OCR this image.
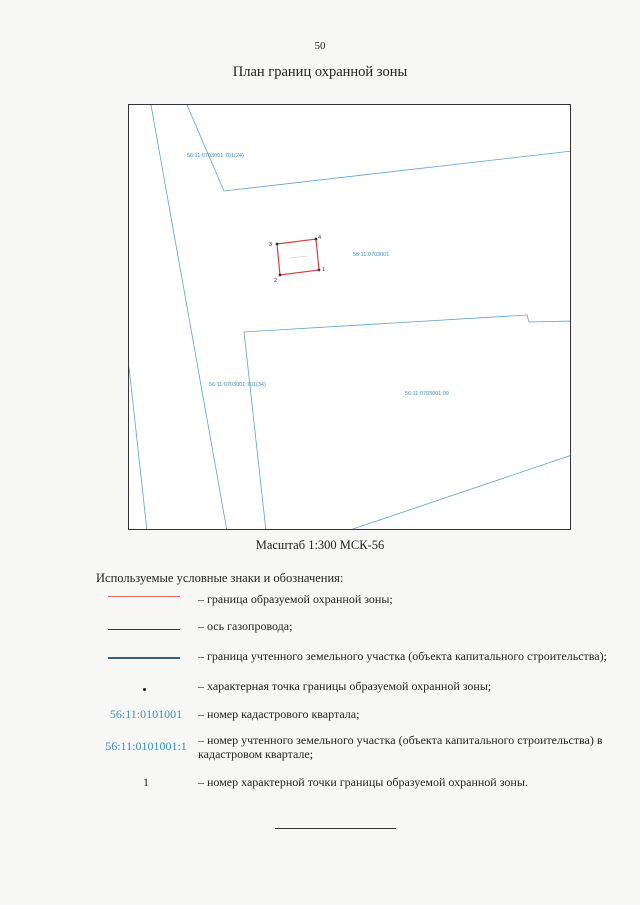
50
План границ охранной зоны
1
2
3
4
56:11:0703001:701(24)
56:11:0703001
56:11:0703001:701(34)
56:11:0703001:99
Масштаб 1:300 МСК-56
Используемые условные знаки и обозначения:
– граница образуемой охранной зоны;
– ось газопровода;
– граница учтенного земельного участка (объекта капитального строительства);
– характерная точка границы образуемой охранной зоны;
56:11:0101001	– номер кадастрового квартала;
56:11:0101001:1 – номер учтенного земельного участка (объекта капитального строительства) в кадастровом квартале;
1	– номер характерной точки границы образуемой охранной зоны.
